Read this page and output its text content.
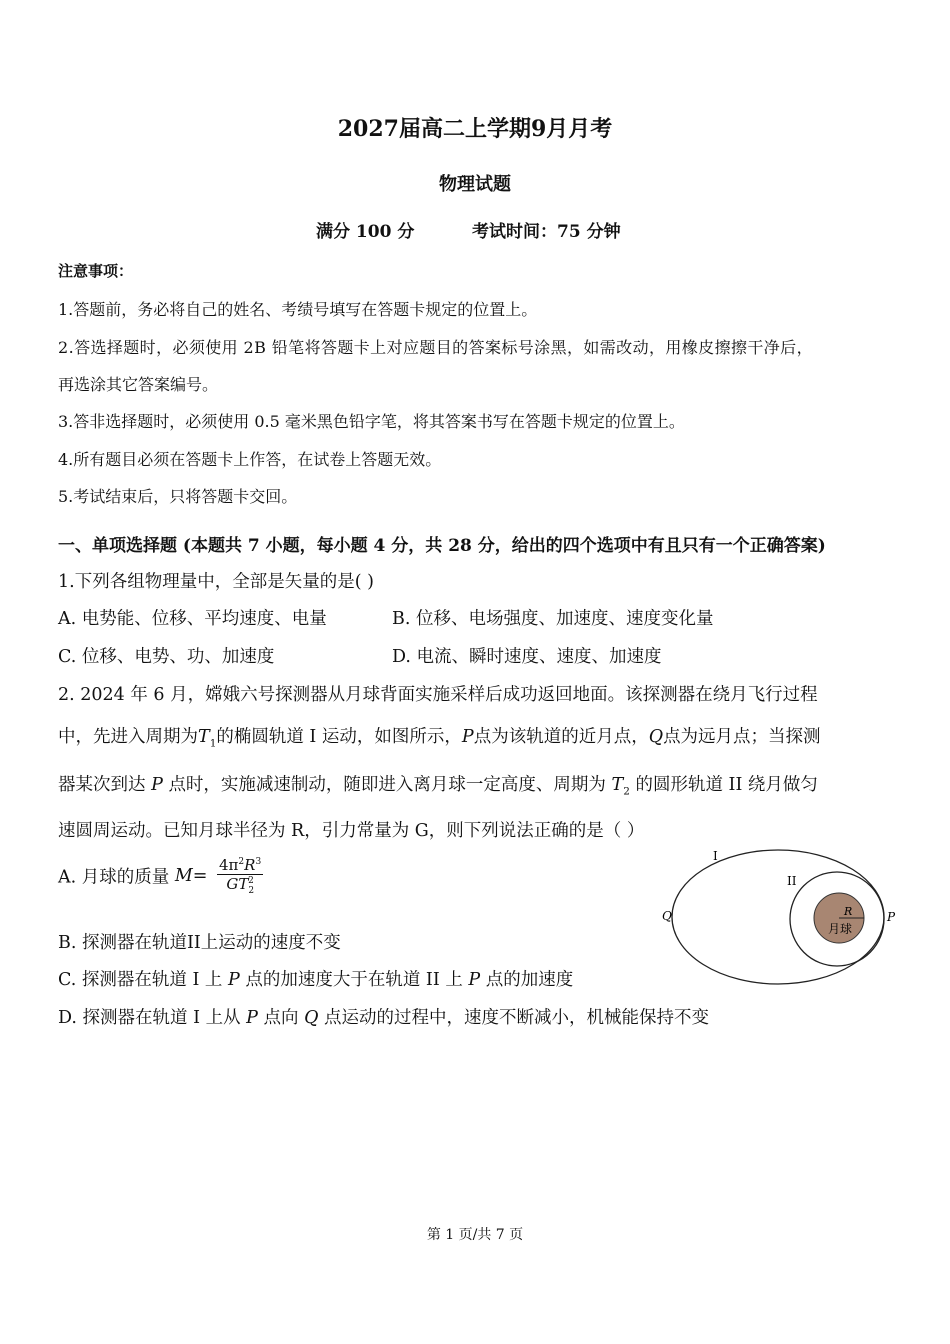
2027届高二上学期9月月考
物理试题
满分 100 分	考试时间：75 分钟
注意事项：
1.答题前，务必将自己的姓名、考绩号填写在答题卡规定的位置上。
2.答选择题时，必须使用 2B 铅笔将答题卡上对应题目的答案标号涂黑，如需改动，用橡皮擦擦干净后，
再选涂其它答案编号。
3.答非选择题时，必须使用 0.5 毫米黑色铅字笔，将其答案书写在答题卡规定的位置上。
4.所有题目必须在答题卡上作答，在试卷上答题无效。
5.考试结束后，只将答题卡交回。
一、单项选择题 (本题共 7 小题，每小题 4 分，共 28 分，给出的四个选项中有且只有一个正确答案)
1.下列各组物理量中，全部是矢量的是( )
A. 电势能、位移、平均速度、电量	B. 位移、电场强度、加速度、速度变化量
C. 位移、电势、功、加速度	D. 电流、瞬时速度、速度、加速度
2. 2024 年 6 月，嫦娥六号探测器从月球背面实施采样后成功返回地面。该探测器在绕月飞行过程
中，先进入周期为$T_1$的椭圆轨道 I 运动，如图所示，P点为该轨道的近月点，Q点为远月点；当探测
器某次到达 P 点时，实施减速制动，随即进入离月球一定高度、周期为 $T_2$ 的圆形轨道 II 绕月做匀
速圆周运动。已知月球半径为 R，引力常量为 G，则下列说法正确的是（ ）
A. 月球的质量 $M= \frac{4\pi^2R^3}{GT_2^2}$
B. 探测器在轨道II上运动的速度不变
C. 探测器在轨道 I 上 P 点的加速度大于在轨道 II 上 P 点的加速度
D. 探测器在轨道 I 上从 P 点向 Q 点运动的过程中，速度不断减小，机械能保持不变
I
II
Q	P
R
月球
第 1 页/共 7 页
